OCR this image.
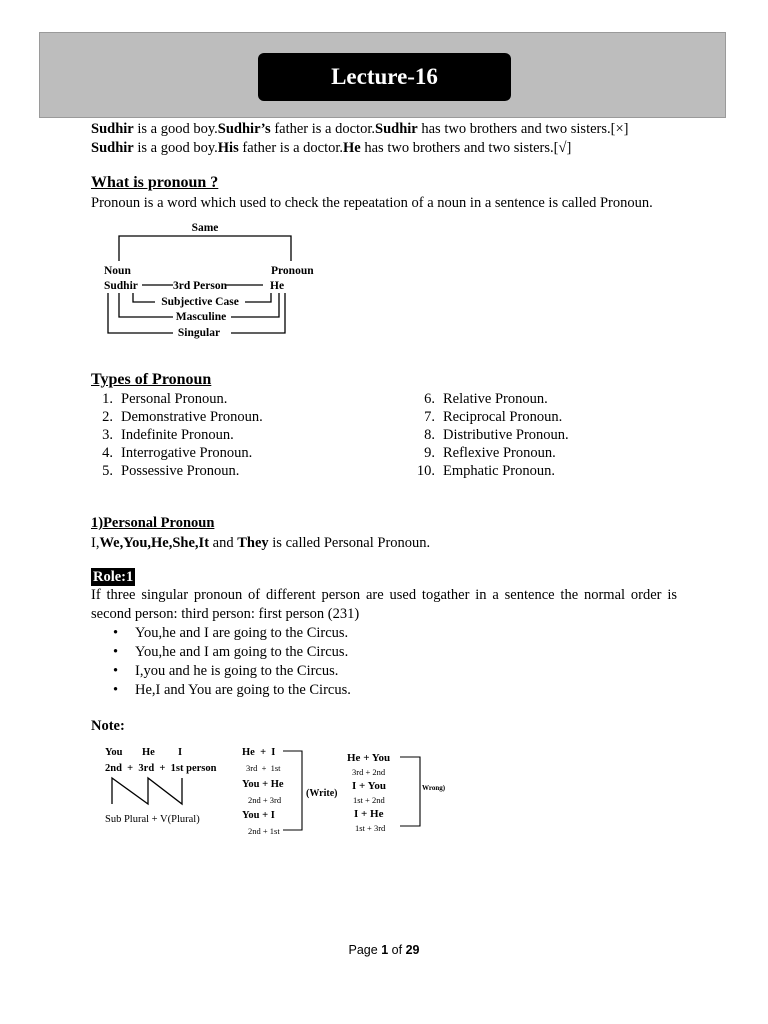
Lecture-16
Sudhir is a good boy.Sudhir’s father is a doctor.Sudhir has two brothers and two sisters.[×]
Sudhir is a good boy.His father is a doctor.He has two brothers and two sisters.[√]
What is pronoun ?
Pronoun is a word which used to check the repeatation of a noun in a sentence is called Pronoun.
Same
Noun	Pronoun
Sudhir	He
3rd Person
Subjective Case
Masculine
Singular
Types of Pronoun
1. Personal Pronoun.
2. Demonstrative Pronoun.
3. Indefinite Pronoun.
4. Interrogative Pronoun.
5. Possessive Pronoun.
6. Relative Pronoun.
7. Reciprocal Pronoun.
8. Distributive Pronoun.
9. Reflexive Pronoun.
10. Emphatic Pronoun.
1)Personal Pronoun
I,We,You,He,She,It and They is called Personal Pronoun.
Role:1
If three singular pronoun of different person are used togather in a sentence the normal order is second person: third person: first person (231)
• You,he and I are going to the Circus.
• You,he and I am going to the Circus.
• I,you and he is going to the Circus.
• He,I and You are going to the Circus.
Note:
You He I
2nd  +  3rd  +  1st person
Sub Plural + V(Plural)
He  +  I
You + He
You + I
3rd  +  1st
2nd + 3rd
2nd + 1st
(Write)
He + You
I + You
I + He
3rd + 2nd
1st + 2nd
1st + 3rd
Wrong)
Page 1 of 29
